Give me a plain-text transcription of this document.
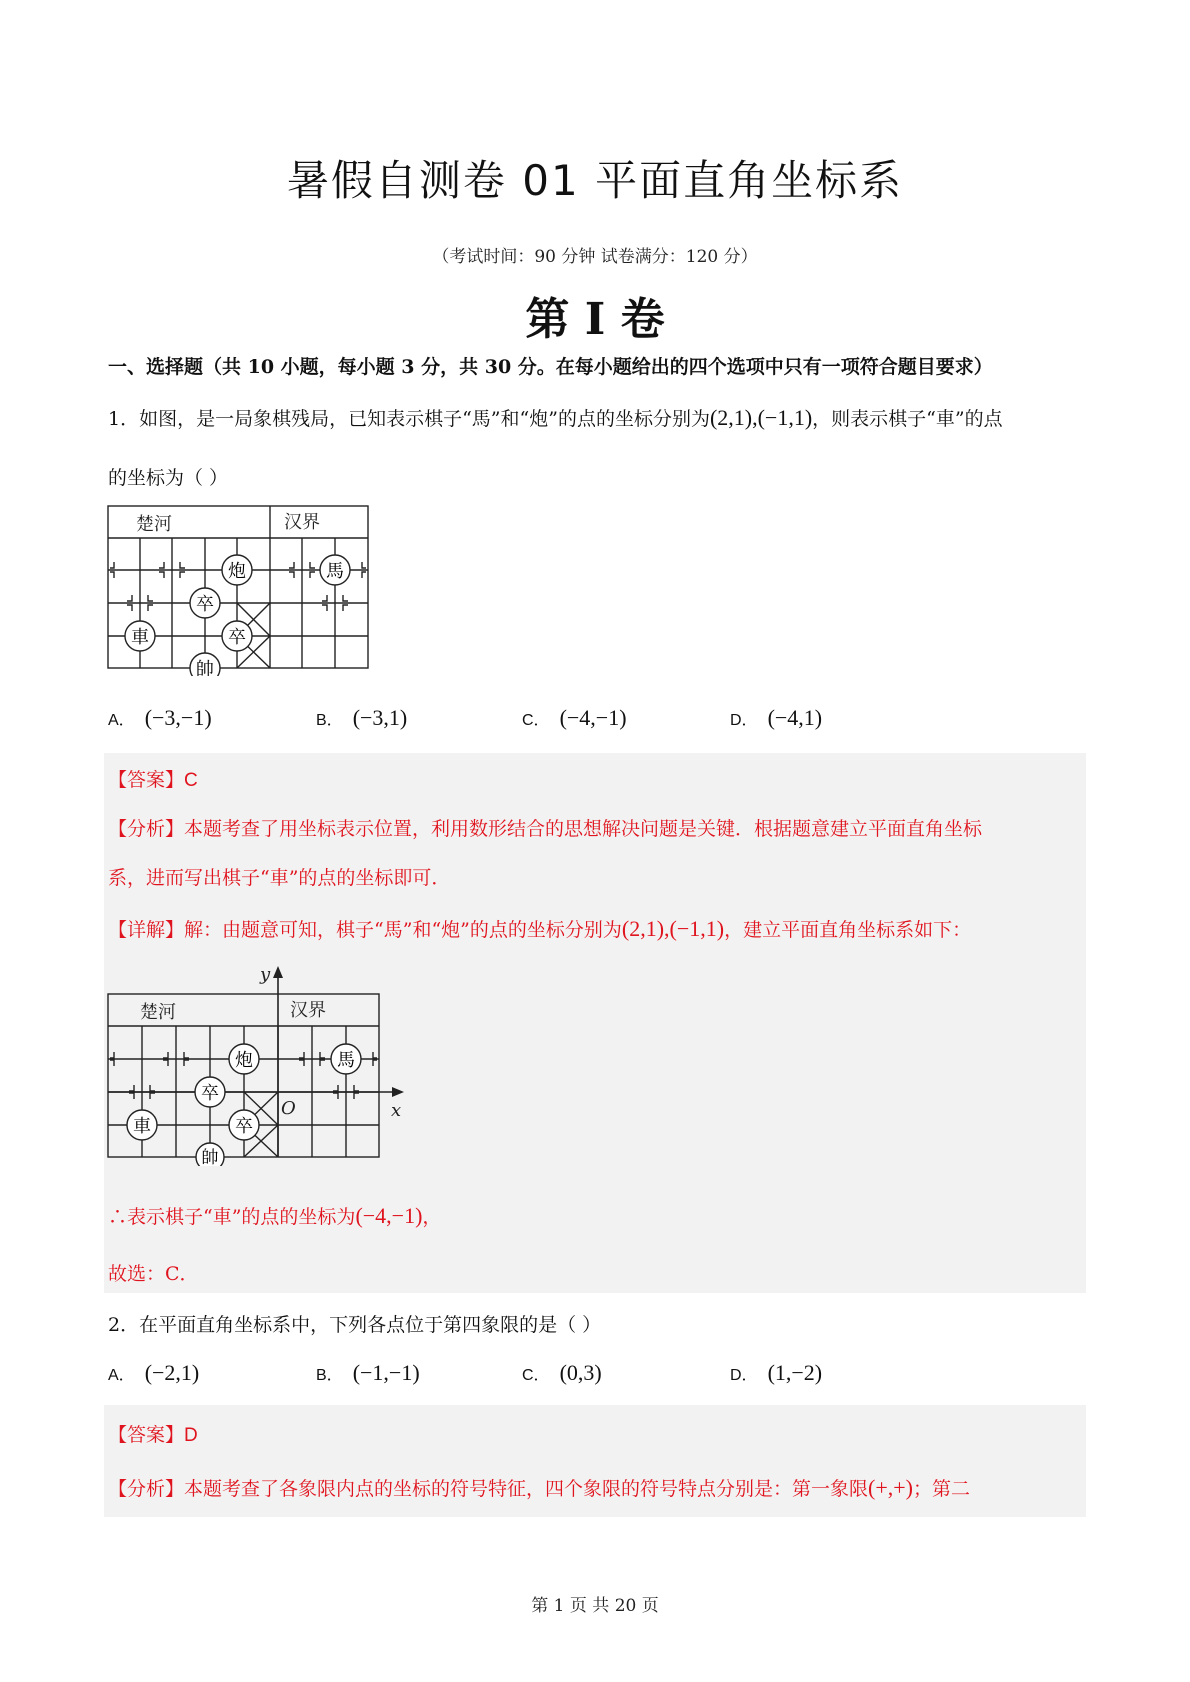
暑假自测卷 01 平面直角坐标系
（考试时间：90 分钟 试卷满分：120 分）
第 I 卷
一、选择题（共 10 小题，每小题 3 分，共 30 分。在每小题给出的四个选项中只有一项符合题目要求）
1．如图，是一局象棋残局，已知表示棋子“馬”和“炮”的点的坐标分别为(2,1),(−1,1)，则表示棋子“車”的点
的坐标为（ ）
楚河	汉界
炮	馬
卒
車	卒
帥
A． (−3,−1)	B． (−3,1)	C． (−4,−1)	D． (−4,1)
【答案】C
【分析】本题考查了用坐标表示位置，利用数形结合的思想解决问题是关键．根据题意建立平面直角坐标
系，进而写出棋子“車”的点的坐标即可．
【详解】解：由题意可知，棋子“馬”和“炮”的点的坐标分别为(2,1),(−1,1)，建立平面直角坐标系如下：
y
x
O
楚河	汉界
炮	馬
卒
車	卒
帥
∴表示棋子“車”的点的坐标为(−4,−1)，
故选：C．
2．在平面直角坐标系中，下列各点位于第四象限的是（ ）
A． (−2,1)	B． (−1,−1)	C． (0,3)	D． (1,−2)
【答案】D
【分析】本题考查了各象限内点的坐标的符号特征，四个象限的符号特点分别是：第一象限(+,+)；第二
第 1 页 共 20 页
